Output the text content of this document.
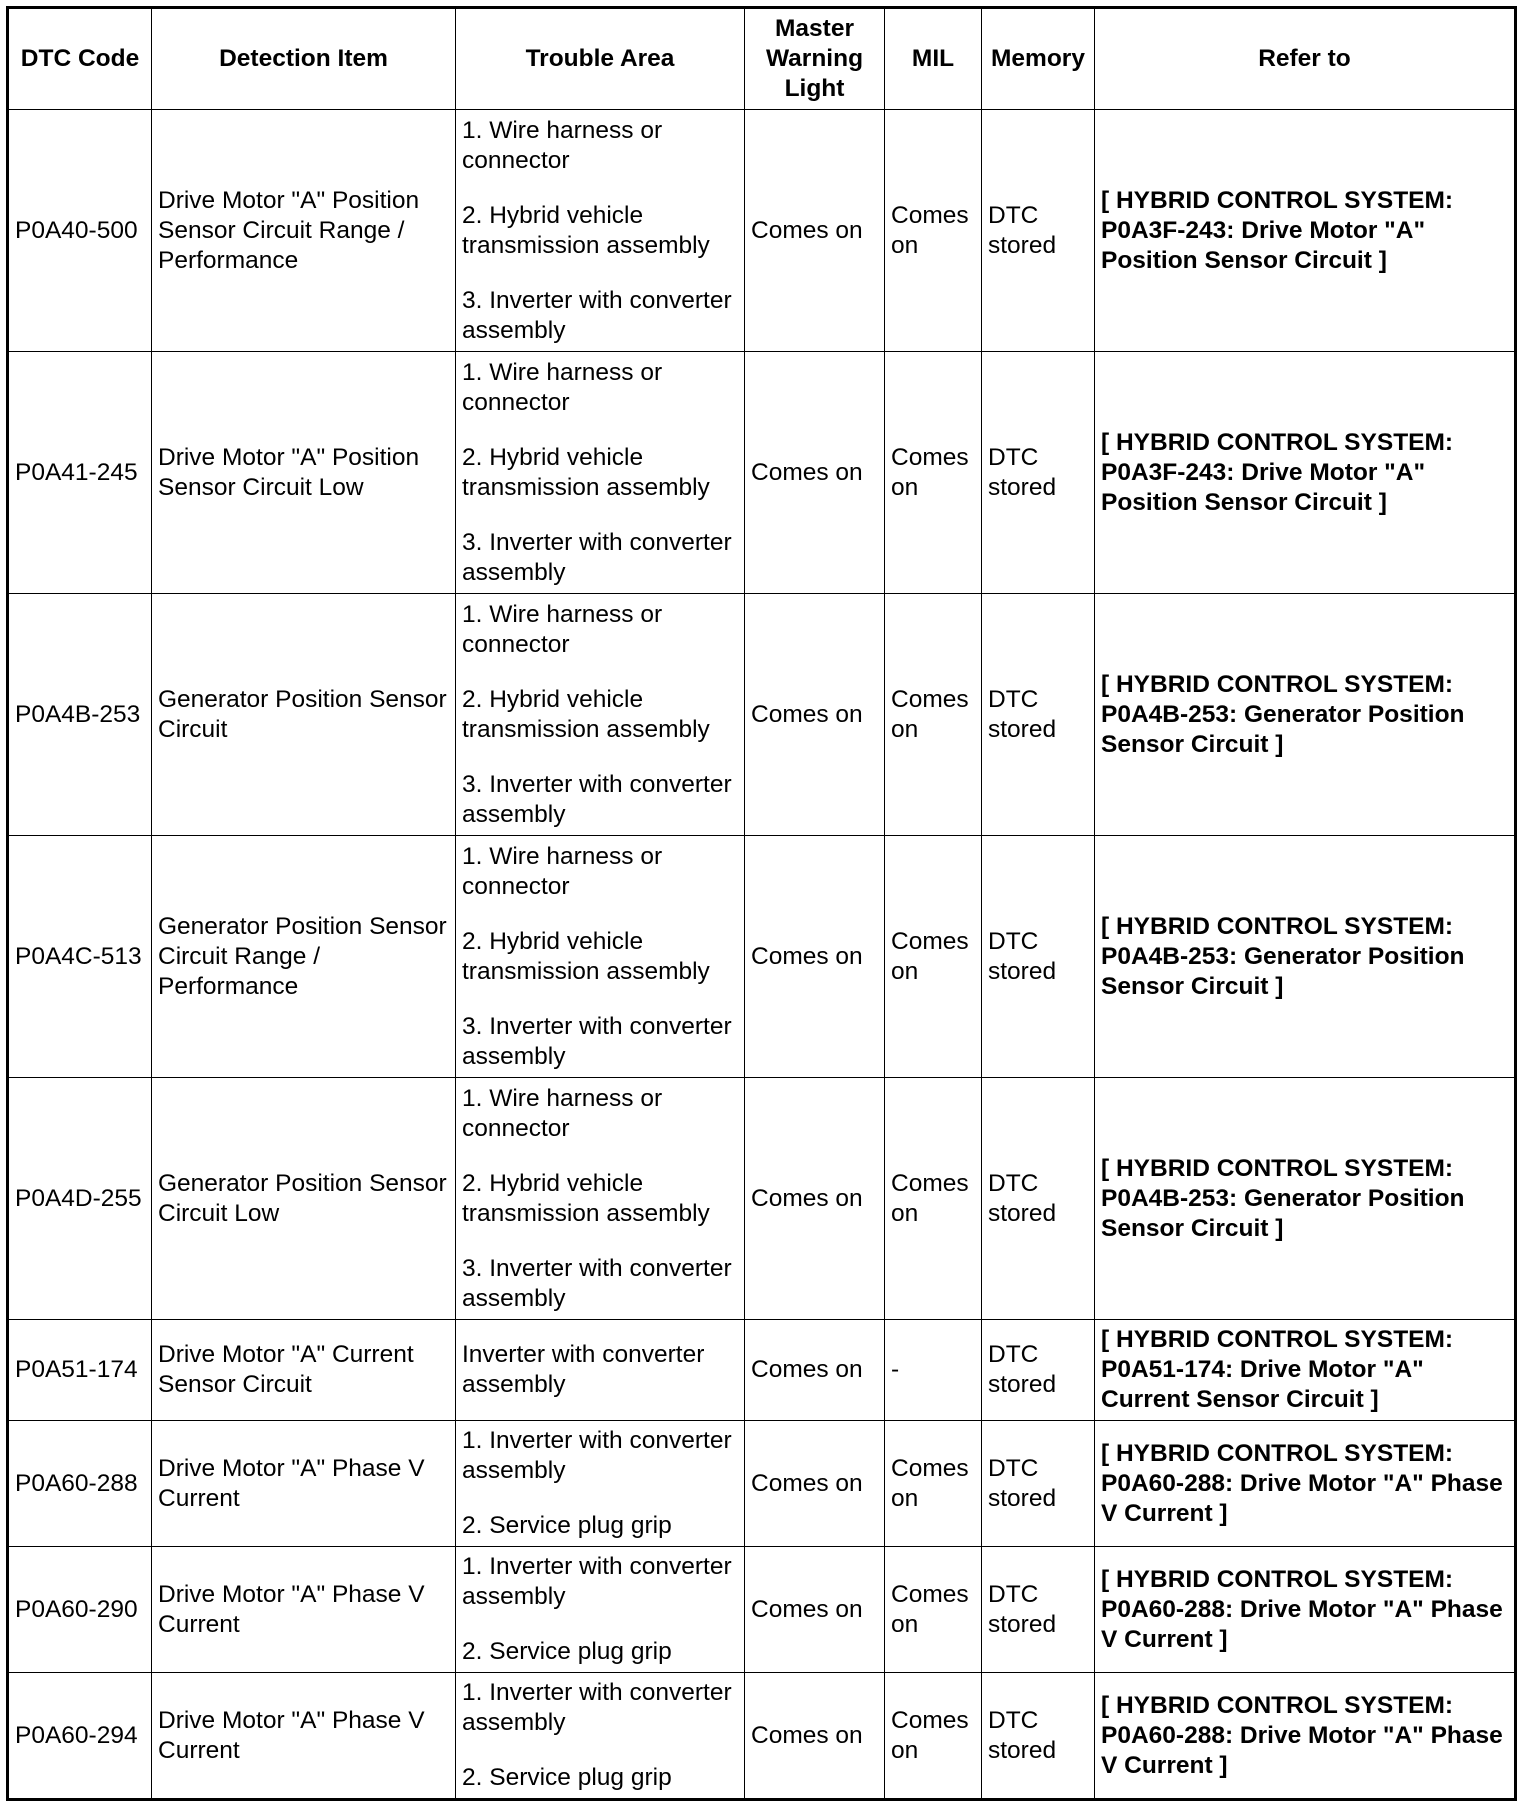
DTC Code	Detection Item	Trouble Area	Master Warning Light	MIL	Memory	Refer to
P0A40-500	Drive Motor "A" Position Sensor Circuit Range / Performance	1. Wire harness or connector
2. Hybrid vehicle transmission assembly
3. Inverter with converter assembly	Comes on	Comes on	DTC stored	[ HYBRID CONTROL SYSTEM: P0A3F-243: Drive Motor "A" Position Sensor Circuit ]
P0A41-245	Drive Motor "A" Position Sensor Circuit Low	1. Wire harness or connector
2. Hybrid vehicle transmission assembly
3. Inverter with converter assembly	Comes on	Comes on	DTC stored	[ HYBRID CONTROL SYSTEM: P0A3F-243: Drive Motor "A" Position Sensor Circuit ]
P0A4B-253	Generator Position Sensor Circuit	1. Wire harness or connector
2. Hybrid vehicle transmission assembly
3. Inverter with converter assembly	Comes on	Comes on	DTC stored	[ HYBRID CONTROL SYSTEM: P0A4B-253: Generator Position Sensor Circuit ]
P0A4C-513	Generator Position Sensor Circuit Range / Performance	1. Wire harness or connector
2. Hybrid vehicle transmission assembly
3. Inverter with converter assembly	Comes on	Comes on	DTC stored	[ HYBRID CONTROL SYSTEM: P0A4B-253: Generator Position Sensor Circuit ]
P0A4D-255	Generator Position Sensor Circuit Low	1. Wire harness or connector
2. Hybrid vehicle transmission assembly
3. Inverter with converter assembly	Comes on	Comes on	DTC stored	[ HYBRID CONTROL SYSTEM: P0A4B-253: Generator Position Sensor Circuit ]
P0A51-174	Drive Motor "A" Current Sensor Circuit	Inverter with converter assembly	Comes on	-	DTC stored	[ HYBRID CONTROL SYSTEM: P0A51-174: Drive Motor "A" Current Sensor Circuit ]
P0A60-288	Drive Motor "A" Phase V Current	1. Inverter with converter assembly
2. Service plug grip	Comes on	Comes on	DTC stored	[ HYBRID CONTROL SYSTEM: P0A60-288: Drive Motor "A" Phase V Current ]
P0A60-290	Drive Motor "A" Phase V Current	1. Inverter with converter assembly
2. Service plug grip	Comes on	Comes on	DTC stored	[ HYBRID CONTROL SYSTEM: P0A60-288: Drive Motor "A" Phase V Current ]
P0A60-294	Drive Motor "A" Phase V Current	1. Inverter with converter assembly
2. Service plug grip	Comes on	Comes on	DTC stored	[ HYBRID CONTROL SYSTEM: P0A60-288: Drive Motor "A" Phase V Current ]
